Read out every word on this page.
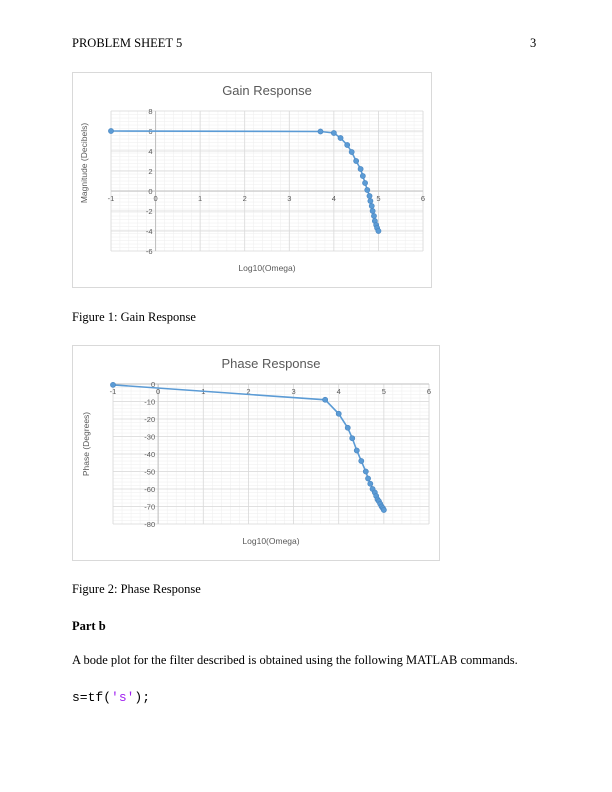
PROBLEM SHEET 5	3
-1	0	1	2	3	4	5	6
-6
-4
-2
0
2
4
6
8
Gain Response
Log10(Omega)
Magnitude (Decibels)
Figure 1: Gain Response
-1	0	1	2	3	4	5	6
-80
-70
-60
-50
-40
-30
-20
-10
0
Phase Response
Log10(Omega)
Phase (Degrees)
Figure 2: Phase Response
Part b
A bode plot for the filter described is obtained using the following MATLAB commands.
s=tf('s');
